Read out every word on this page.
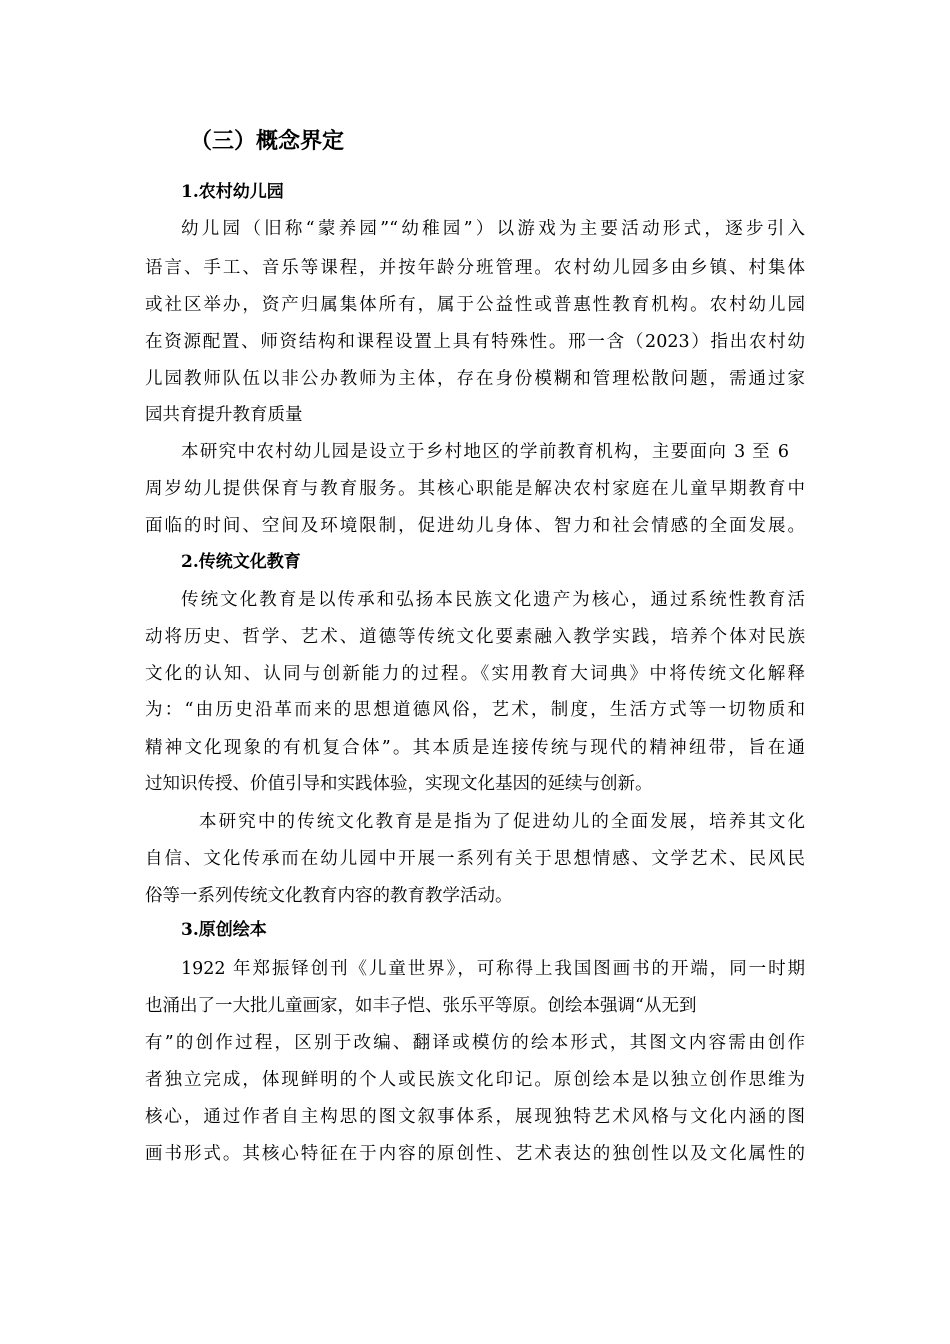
（三）概念界定
1.农村幼儿园
幼儿园（旧称“蒙养园”“幼稚园”）以游戏为主要活动形式，逐步引入
语言、手工、音乐等课程，并按年龄分班管理。农村幼儿园多由乡镇、村集体
或社区举办，资产归属集体所有，属于公益性或普惠性教育机构。农村幼儿园
在资源配置、师资结构和课程设置上具有特殊性。邢一含（2023）指出农村幼
儿园教师队伍以非公办教师为主体，存在身份模糊和管理松散问题，需通过家
园共育提升教育质量
本研究中农村幼儿园是设立于乡村地区的学前教育机构，主要面向 3 至 6
周岁幼儿提供保育与教育服务。其核心职能是解决农村家庭在儿童早期教育中
面临的时间、空间及环境限制，促进幼儿身体、智力和社会情感的全面发展。
2.传统文化教育
传统文化教育是以传承和弘扬本民族文化遗产为核心，通过系统性教育活
动将历史、哲学、艺术、道德等传统文化要素融入教学实践，培养个体对民族
文化的认知、认同与创新能力的过程。《实用教育大词典》中将传统文化解释
为：“由历史沿革而来的思想道德风俗，艺术，制度，生活方式等一切物质和
精神文化现象的有机复合体”。其本质是连接传统与现代的精神纽带，旨在通
过知识传授、价值引导和实践体验，实现文化基因的延续与创新。
本研究中的传统文化教育是是指为了促进幼儿的全面发展，培养其文化
自信、文化传承而在幼儿园中开展一系列有关于思想情感、文学艺术、民风民
俗等一系列传统文化教育内容的教育教学活动。
3.原创绘本
1922 年郑振铎创刊《儿童世界》，可称得上我国图画书的开端，同一时期
也涌出了一大批儿童画家，如丰子恺、张乐平等原。创绘本强调“从无到
有”的创作过程，区别于改编、翻译或模仿的绘本形式，其图文内容需由创作
者独立完成，体现鲜明的个人或民族文化印记。原创绘本是以独立创作思维为
核心，通过作者自主构思的图文叙事体系，展现独特艺术风格与文化内涵的图
画书形式。其核心特征在于内容的原创性、艺术表达的独创性以及文化属性的
